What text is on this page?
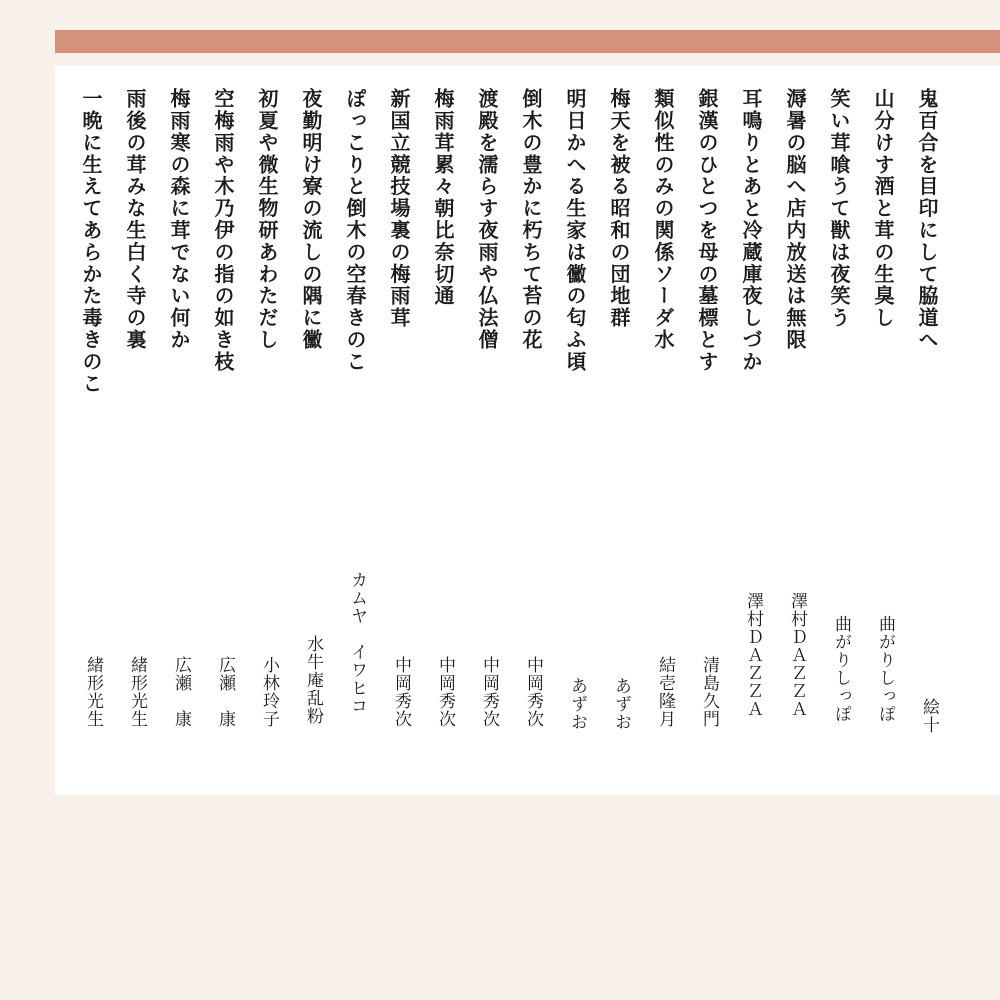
鬼百合を目印にして脇道へ
絵十
山分けす酒と茸の生臭し
曲がりしっぽ
笑い茸喰うて獣は夜笑う
曲がりしっぽ
溽暑の脳へ店内放送は無限
澤村ＤＡＺＺＡ
耳鳴りとあと冷蔵庫夜しづか
澤村ＤＡＺＺＡ
銀漢のひとつを母の墓標とす
清島久門
類似性のみの関係ソーダ水
結壱隆月
梅天を被る昭和の団地群
あずお
明日かへる生家は黴の匂ふ頃
あずお
倒木の豊かに朽ちて苔の花
中岡秀次
渡殿を濡らす夜雨や仏法僧
中岡秀次
梅雨茸累々朝比奈切通
中岡秀次
新国立競技場裏の梅雨茸
中岡秀次
ぽっこりと倒木の空春きのこ
カムヤ　イワヒコ
夜勤明け寮の流しの隅に黴
水牛庵乱粉
初夏や微生物研あわただし
小林玲子
空梅雨や木乃伊の指の如き枝
広瀬　康
梅雨寒の森に茸でない何か
広瀬　康
雨後の茸みな生白く寺の裏
緒形光生
一晩に生えてあらかた毒きのこ
緒形光生
